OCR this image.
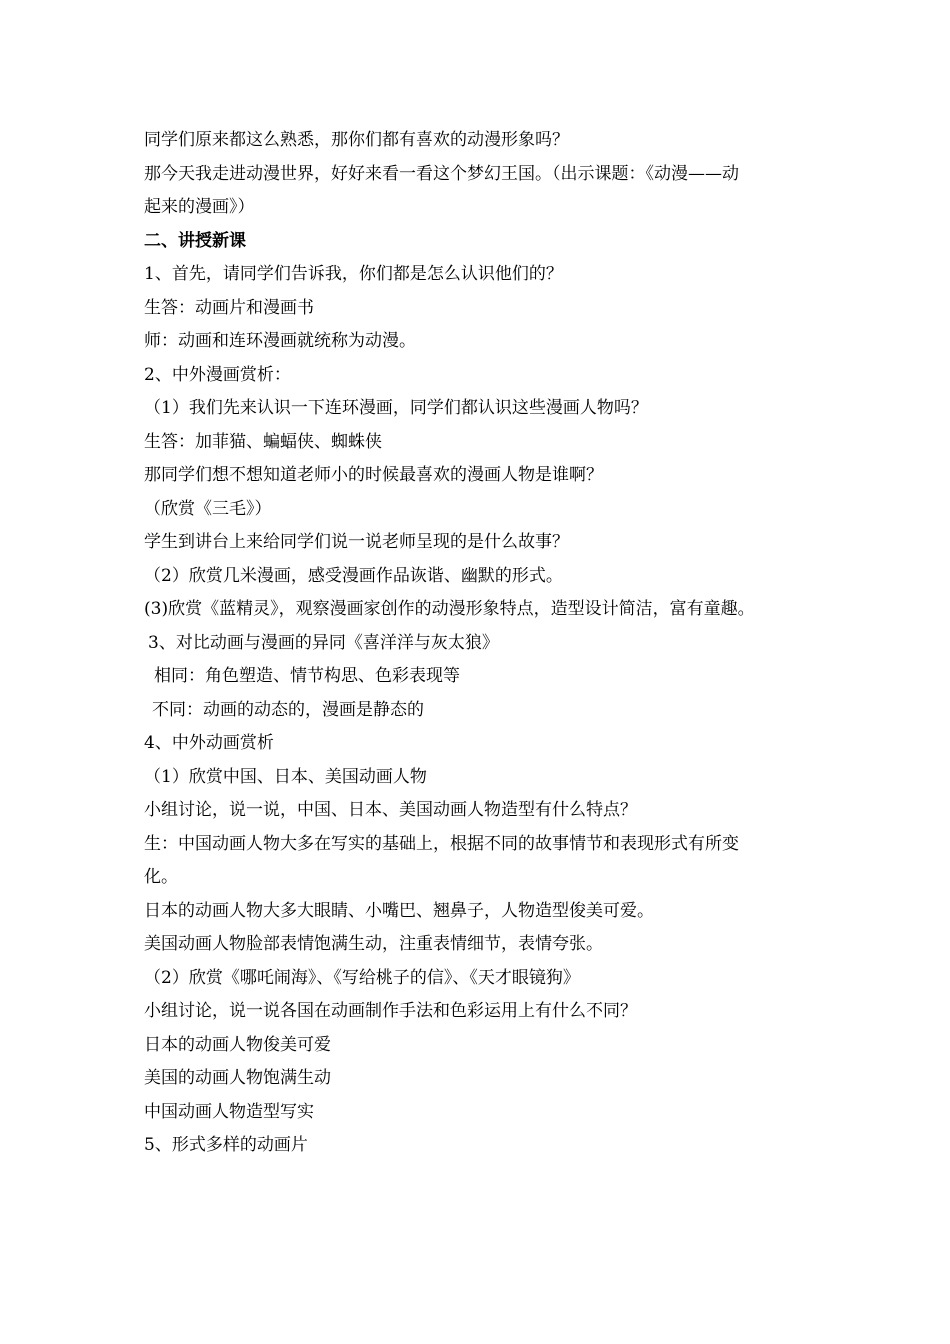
同学们原来都这么熟悉，那你们都有喜欢的动漫形象吗？

那今天我走进动漫世界，好好来看一看这个梦幻王国。（出示课题：《动漫——动

起来的漫画》）

二、讲授新课

1、首先，请同学们告诉我，你们都是怎么认识他们的？

生答：动画片和漫画书

师：动画和连环漫画就统称为动漫。

2、中外漫画赏析：

（1）我们先来认识一下连环漫画，同学们都认识这些漫画人物吗？

生答：加菲猫、蝙蝠侠、蜘蛛侠

那同学们想不想知道老师小的时候最喜欢的漫画人物是谁啊？

（欣赏《三毛》）

学生到讲台上来给同学们说一说老师呈现的是什么故事？

（2）欣赏几米漫画，感受漫画作品诙谐、幽默的形式。

(3)欣赏《蓝精灵》，观察漫画家创作的动漫形象特点，造型设计简洁，富有童趣。

3、对比动画与漫画的异同《喜洋洋与灰太狼》

相同：角色塑造、情节构思、色彩表现等

不同：动画的动态的，漫画是静态的

4、中外动画赏析

（1）欣赏中国、日本、美国动画人物

小组讨论，说一说，中国、日本、美国动画人物造型有什么特点？

生：中国动画人物大多在写实的基础上，根据不同的故事情节和表现形式有所变

化。

日本的动画人物大多大眼睛、小嘴巴、翘鼻子，人物造型俊美可爱。

美国动画人物脸部表情饱满生动，注重表情细节，表情夸张。

（2）欣赏《哪吒闹海》、《写给桃子的信》、《天才眼镜狗》

小组讨论，说一说各国在动画制作手法和色彩运用上有什么不同？

日本的动画人物俊美可爱

美国的动画人物饱满生动

中国动画人物造型写实

5、形式多样的动画片
